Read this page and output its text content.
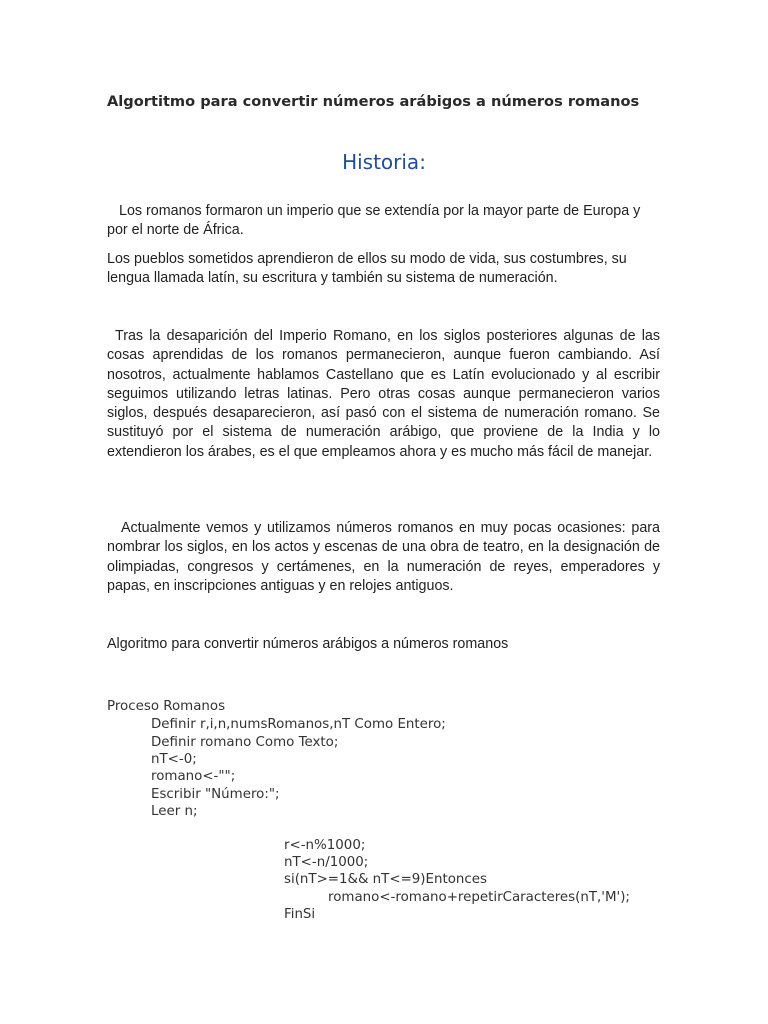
Algortitmo para convertir números arábigos a números romanos
Historia:

Los romanos formaron un imperio que se extendía por la mayor parte de Europa y por el norte de África.

Los pueblos sometidos aprendieron de ellos su modo de vida, sus costumbres, su lengua llamada latín, su escritura y también su sistema de numeración.

Tras la desaparición del Imperio Romano, en los siglos posteriores algunas de las cosas aprendidas de los romanos permanecieron, aunque fueron cambiando. Así nosotros, actualmente hablamos Castellano que es Latín evolucionado y al escribir seguimos utilizando letras latinas. Pero otras cosas aunque permanecieron varios siglos, después desaparecieron, así pasó con el sistema de numeración romano. Se sustituyó por el sistema de numeración arábigo, que proviene de la India y lo extendieron los árabes, es el que empleamos ahora y es mucho más fácil de manejar.

Actualmente vemos y utilizamos números romanos en muy pocas ocasiones: para nombrar los siglos, en los actos y escenas de una obra de teatro, en la designación de olimpiadas, congresos y certámenes, en la numeración de reyes, emperadores y papas, en inscripciones antiguas y en relojes antiguos.

Algoritmo para convertir números arábigos a números romanos
Proceso Romanos
Definir r,i,n,numsRomanos,nT Como Entero;
Definir romano Como Texto;
nT<-0;
romano<-"";
Escribir "Número:";
Leer n;
r<-n%1000;
nT<-n/1000;
si(nT>=1&& nT<=9)Entonces
romano<-romano+repetirCaracteres(nT,'M');
FinSi
